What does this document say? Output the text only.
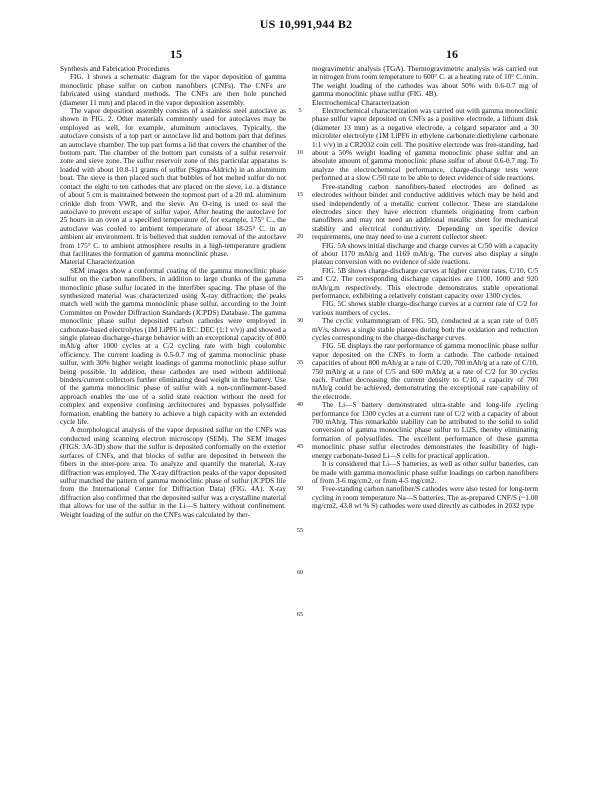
US 10,991,944 B2
15	16

Synthesis and Fabrication Procedures

FIG. 1 shows a schematic diagram for the vapor deposition of gamma monoclinic phase sulfur on carbon nanofibers (CNFs). The CNFs are fabricated using standard methods. The CNFs are then hole punched (diameter 11 mm) and placed in the vapor deposition assembly.

The vapor deposition assembly consists of a stainless steel autoclave as shown in FIG. 2. Other materials commonly used for autoclaves may be employed as well, for example, aluminum autoclaves. Typically, the autoclave consists of a top part or autoclave lid and bottom part that defines an autoclave chamber. The top part forms a lid that covers the chamber of the bottom part. The chamber of the bottom part consists of a sulfur reservoir zone and sieve zone. The sulfur reservoir zone of this particular apparatus is loaded with about 10.8-11 grams of sulfur (Sigma-Aldrich) in an aluminum boat. The sieve is then placed such that bubbles of hot melted sulfur do not contact the eight to ten cathodes that are placed on the sieve, i.e. a distance of about 5 cm is maintained between the topmost part of a 20 mL aluminum crinkle dish from VWR, and the sieve. An O-ring is used to seal the autoclave to prevent escape of sulfur vapor. After heating the autoclave for 25 hours in an oven at a specified temperature of, for example, 175° C., the autoclave was cooled to ambient temperature of about 18-25° C. in an ambient air environment. It is believed that sudden removal of the autoclave from 175° C. to ambient atmosphere results in a high-temperature gradient that facilitates the formation of gamma monoclinic phase.

Material Characterization

SEM images show a conformal coating of the gamma monoclinic phase sulfur on the carbon nanofibers, in addition to large chunks of the gamma monoclinic phase sulfur located in the interfiber spacing. The phase of the synthesized material was characterized using X-ray diffraction; the peaks match well with the gamma monoclinic phase sulfur, according to the Joint Committee on Powder Diffraction Standards (JCPDS) Database. The gamma monoclinic phase sulfur deposited carbon cathodes were employed in carbonate-based electrolytes (1M LiPF6 in EC: DEC (1:1 v/v)) and showed a single plateau discharge-charge behavior with an exceptional capacity of 800 mAh/g after 1000 cycles at a C/2 cycling rate with high coulombic efficiency. The current loading is 0.5-0.7 mg of gamma monoclinic phase sulfur, with 30% higher weight loadings of gamma monoclinic phase sulfur being possible. In addition, these cathodes are used without additional binders/current collectors further eliminating dead weight in the battery. Use of the gamma monoclinic phase of sulfur with a non-confinement-based approach enables the use of a solid state reaction without the need for complex and expensive confining architectures and bypasses polysulfide formation, enabling the battery to achieve a high capacity with an extended cycle life.

A morphological analysis of the vapor deposited sulfur on the CNFs was conducted using scanning electron microscopy (SEM). The SEM images (FIGS. 3A-3D) show that the sulfur is deposited conformally on the exterior surfaces of CNFs, and that blocks of sulfur are deposited in between the fibers in the inter-pore area. To analyze and quantify the material, X-ray diffraction was employed. The X-ray diffraction peaks of the vapor deposited sulfur matched the pattern of gamma monoclinic phase of sulfur (JCPDS file from the International Center for Diffraction Data) (FIG. 4A). X-ray diffraction also confirmed that the deposited sulfur was a crystalline material that allows for use of the sulfur in the Li—S battery without confinement. Weight loading of the sulfur on the CNFs was calculated by ther-

mogravimetric analysis (TGA). Thermogravimetric analysis was carried out in nitrogen from room temperature to 600° C. at a heating rate of 10° C./min. The weight loading of the cathodes was about 50% with 0.6-0.7 mg of gamma monoclinic phase sulfur (FIG. 4B).

Electrochemical Characterization

Electrochemical characterization was carried out with gamma monoclinic phase sulfur vapor deposited on CNFs as a positive electrode, a lithium disk (diameter 13 mm) as a negative electrode, a celgard separator and a 30 microliter electrolyte (1M LiPF6 in ethylene carbonate:diethylene carbonate 1:1 v/v) in a CR2032 coin cell. The positive electrode was free-standing, had about a 50% weight loading of gamma monoclinic phase sulfur and an absolute amount of gamma monoclinic phase sulfur of about 0.6-0.7 mg. To analyze the electrochemical performance, charge-discharge tests were performed at a slow C/50 rate to be able to detect evidence of side reactions.

Free-standing carbon nanofibers-based electrodes are defined as electrodes without binder and conductive additives which may be held and used independently of a metallic current collector. These are standalone electrodes since they have electron channels originating from carbon nanofibers and may not need an additional metallic sheet for mechanical stability and electrical conductivity. Depending on specific device requirements, one may need to use a current collector sheet.

FIG. 5A shows initial discharge and charge curves at C/50 with a capacity of about 1170 mAh/g and 1169 mAh/g. The curves also display a single plateau conversion with no evidence of side reactions.

FIG. 5B shows charge-discharge curves at higher current rates, C/10, C/5 and C/2. The corresponding discharge capacities are 1100, 1000 and 920 mAh/g,m respectively. This electrode demonstrates stable operational performance, exhibiting a relatively constant capacity over 1300 cycles.

FIG. 5C shows stable charge-discharge curves at a current rate of C/2 for various numbers of cycles.

The cyclic voltammogram of FIG. 5D, conducted at a scan rate of 0.05 mV/s, shows a single stable plateau during both the oxidation and reduction cycles corresponding to the charge-discharge curves.

FIG. 5E displays the rate performance of gamma monoclinic phase sulfur vapor deposited on the CNFs to form a cathode. The cathode retained capacities of about 800 mAh/g at a rate of C/20, 700 mAh/g at a rate of C/10, 750 mAh/g at a rate of C/5 and 600 mAh/g at a rate of C/2 for 30 cycles each. Further decreasing the current density to C/10, a capacity of 700 mAh/g could be achieved, demonstrating the exceptional rate capability of the electrode.

The Li—S battery demonstrated ultra-stable and long-life cycling performance for 1300 cycles at a current rate of C/2 with a capacity of about 700 mAh/g. This remarkable stability can be attributed to the solid to solid conversion of gamma monoclinic phase sulfur to Li2S, thereby eliminating formation of polysulfides. The excellent performance of these gamma monoclinic phase sulfur electrodes demonstrates the feasibility of high-energy carbonate-based Li—S cells for practical application.

It is considered that Li—S batteries, as well as other sulfur batteries, can be made with gamma monoclinic phase sulfur loadings on carbon nanofibers of from 3-6 mg/cm2, or from 4-5 mg/cm2.

Free-standing carbon nanofiber/S cathodes were also tested for long-term cycling in room temperature Na—S batteries. The as-prepared CNF/S (~1.08 mg/cm2, 43.8 wt % S) cathodes were used directly as cathodes in 2032 type

5
10
15
20
25
30
35
40
45
50
55
60
65
